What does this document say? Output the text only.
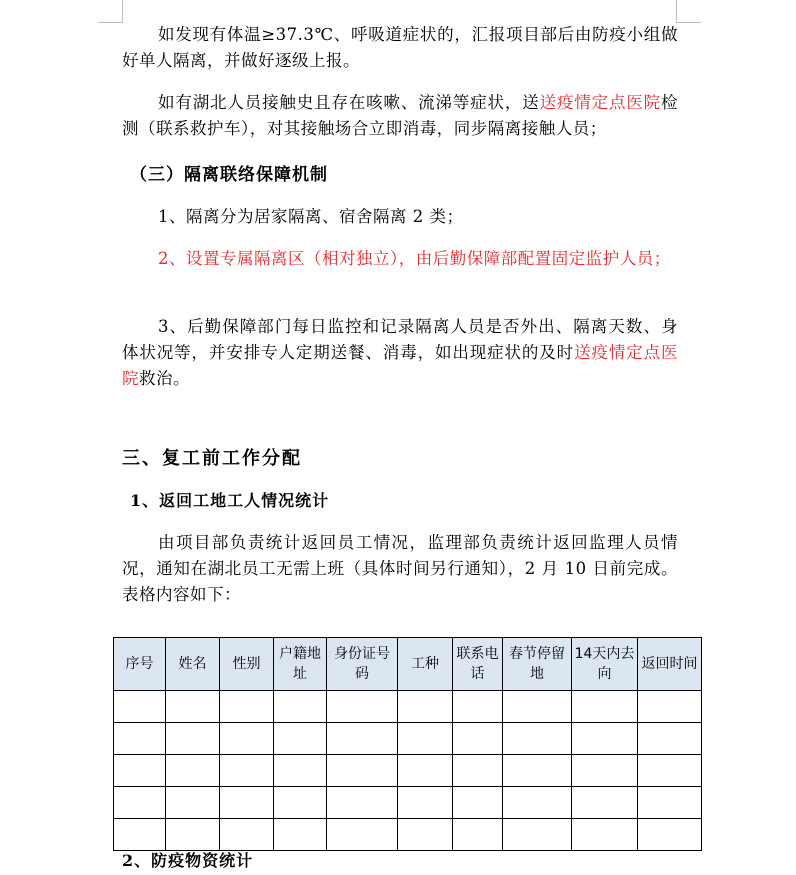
如发现有体温≥37.3℃、呼吸道症状的，汇报项目部后由防疫小组做好单人隔离，并做好逐级上报。

如有湖北人员接触史且存在咳嗽、流涕等症状，送送疫情定点医院检测（联系救护车），对其接触场合立即消毒，同步隔离接触人员；

（三）隔离联络保障机制

1、隔离分为居家隔离、宿舍隔离 2 类；

2、设置专属隔离区（相对独立），由后勤保障部配置固定监护人员；

3、后勤保障部门每日监控和记录隔离人员是否外出、隔离天数、身体状况等，并安排专人定期送餐、消毒，如出现症状的及时送疫情定点医院救治。

三、复工前工作分配
1、返回工地工人情况统计

由项目部负责统计返回员工情况，监理部负责统计返回监理人员情况，通知在湖北员工无需上班（具体时间另行通知），2 月 10 日前完成。表格内容如下：

序号	姓名	性别	户籍地址	身份证号码	工种	联系电话	春节停留地	14天内去向	返回时间

2、防疫物资统计
